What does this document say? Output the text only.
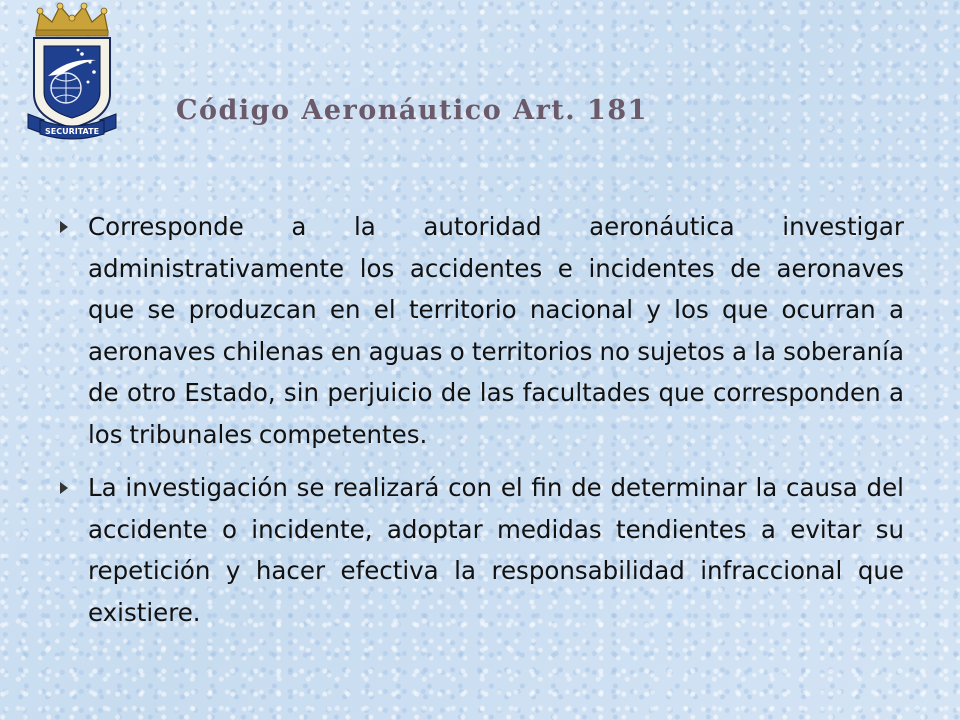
SECURITATE
Código Aeronáutico Art. 181

Corresponde a la autoridad aeronáutica investigar administrativamente los accidentes e incidentes de aeronaves que se produzcan en el territorio nacional y los que ocurran a aeronaves chilenas en aguas o territorios no sujetos a la soberanía de otro Estado, sin perjuicio de las facultades que corresponden a los tribunales competentes.

La investigación se realizará con el fin de determinar la causa del accidente o incidente, adoptar medidas tendientes a evitar su repetición y hacer efectiva la responsabilidad infraccional que existiere.
